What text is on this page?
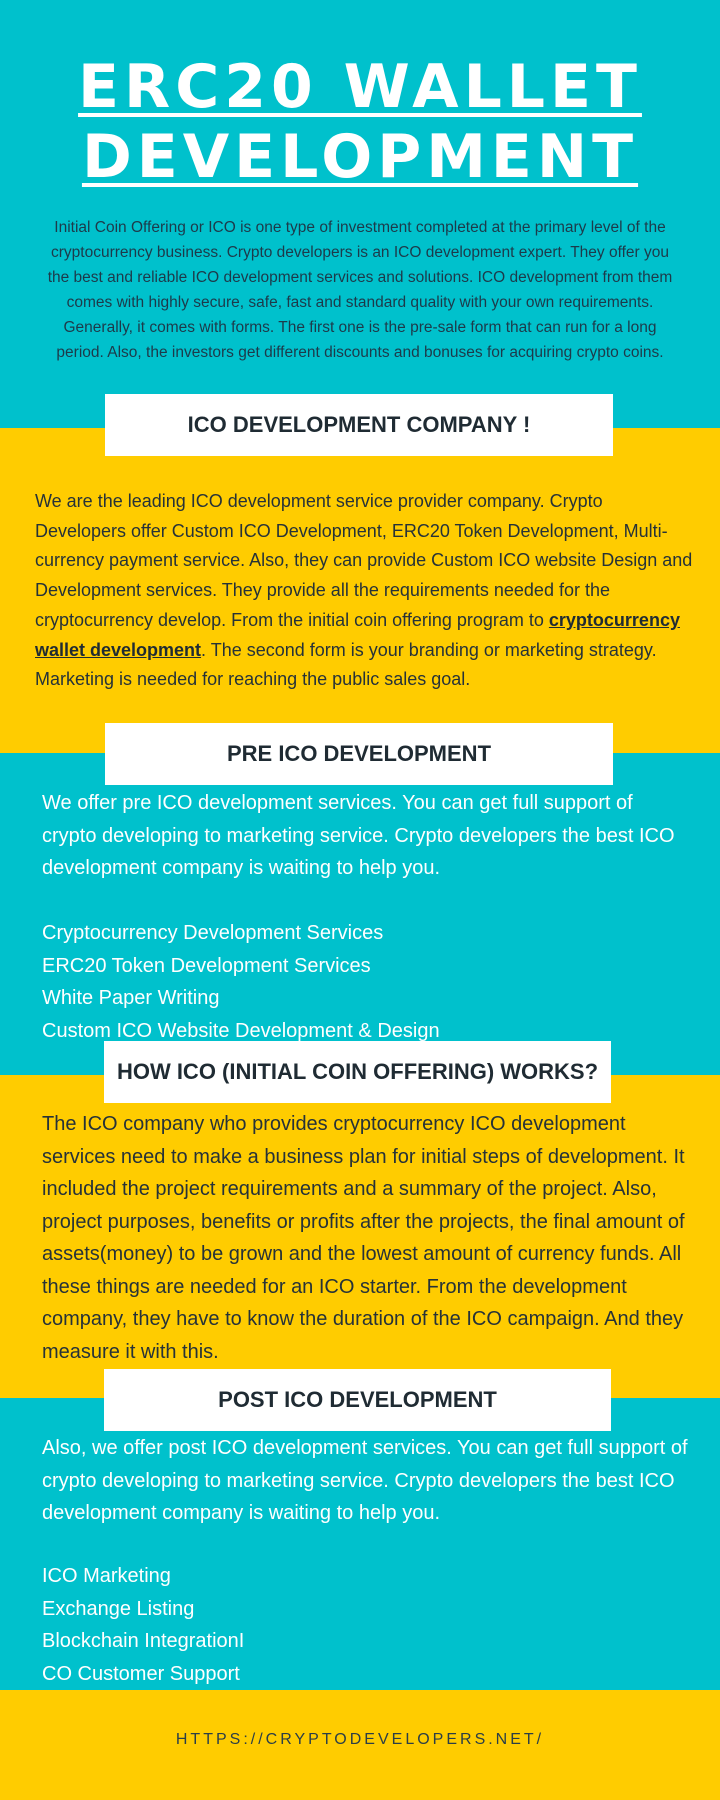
ERC20 WALLET
DEVELOPMENT
Initial Coin Offering or ICO is one type of investment completed at the primary level of the cryptocurrency business. Crypto developers is an ICO development expert. They offer you the best and reliable ICO development services and solutions. ICO development from them comes with highly secure, safe, fast and standard quality with your own requirements. Generally, it comes with forms. The first one is the pre-sale form that can run for a long period. Also, the investors get different discounts and bonuses for acquiring crypto coins.
ICO DEVELOPMENT COMPANY !
We are the leading ICO development service provider company. Crypto Developers offer Custom ICO Development, ERC20 Token Development, Multi-currency payment service. Also, they can provide Custom ICO website Design and Development services. They provide all the requirements needed for the cryptocurrency develop. From the initial coin offering program to cryptocurrency wallet development. The second form is your branding or marketing strategy. Marketing is needed for reaching the public sales goal.
PRE ICO DEVELOPMENT
We offer pre ICO development services. You can get full support of crypto developing to marketing service. Crypto developers the best ICO development company is waiting to help you.
Cryptocurrency Development Services
ERC20 Token Development Services
White Paper Writing
Custom ICO Website Development & Design
HOW ICO (INITIAL COIN OFFERING) WORKS?
The ICO company who provides cryptocurrency ICO development services need to make a business plan for initial steps of development. It included the project requirements and a summary of the project. Also, project purposes, benefits or profits after the projects, the final amount of assets(money) to be grown and the lowest amount of currency funds. All these things are needed for an ICO starter. From the development company, they have to know the duration of the ICO campaign. And they measure it with this.
POST ICO DEVELOPMENT
Also, we offer post ICO development services. You can get full support of crypto developing to marketing service. Crypto developers the best ICO development company is waiting to help you.
ICO Marketing
Exchange Listing
Blockchain IntegrationI
CO Customer Support
HTTPS://CRYPTODEVELOPERS.NET/
